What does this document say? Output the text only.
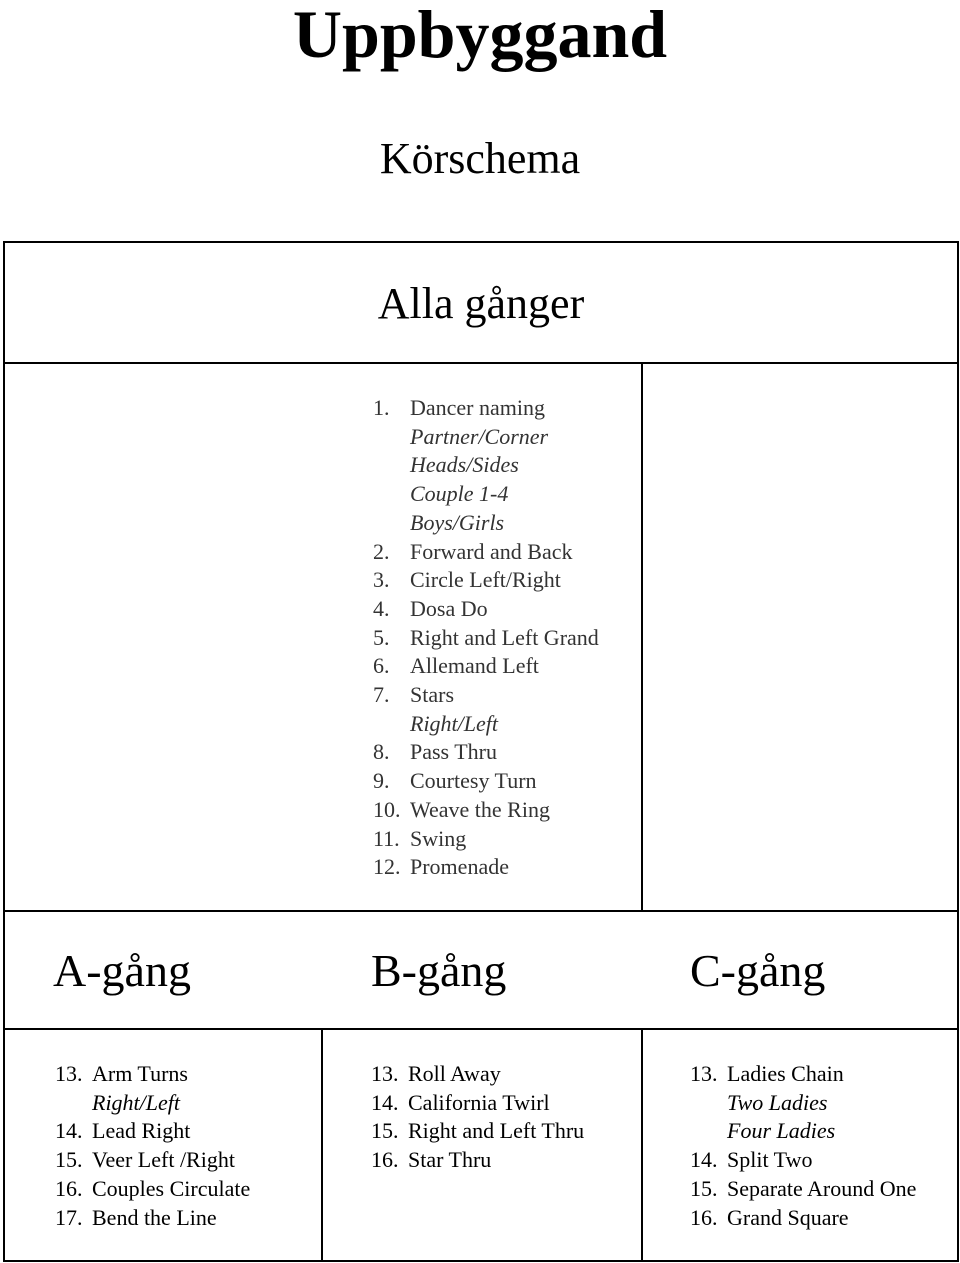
Uppbyggand
Körschema
Alla gånger
1. Dancer naming
Partner/Corner
Heads/Sides
Couple 1-4
Boys/Girls
2. Forward and Back
3. Circle Left/Right
4. Dosa Do
5. Right and Left Grand
6. Allemand Left
7. Stars
Right/Left
8. Pass Thru
9. Courtesy Turn
10. Weave the Ring
11. Swing
12. Promenade
A-gång	B-gång	C-gång
13. Arm Turns
Right/Left
14. Lead Right
15. Veer Left /Right
16. Couples Circulate
17. Bend the Line
13. Roll Away
14. California Twirl
15. Right and Left Thru
16. Star Thru
13. Ladies Chain
Two Ladies
Four Ladies
14. Split Two
15. Separate Around One
16. Grand Square
